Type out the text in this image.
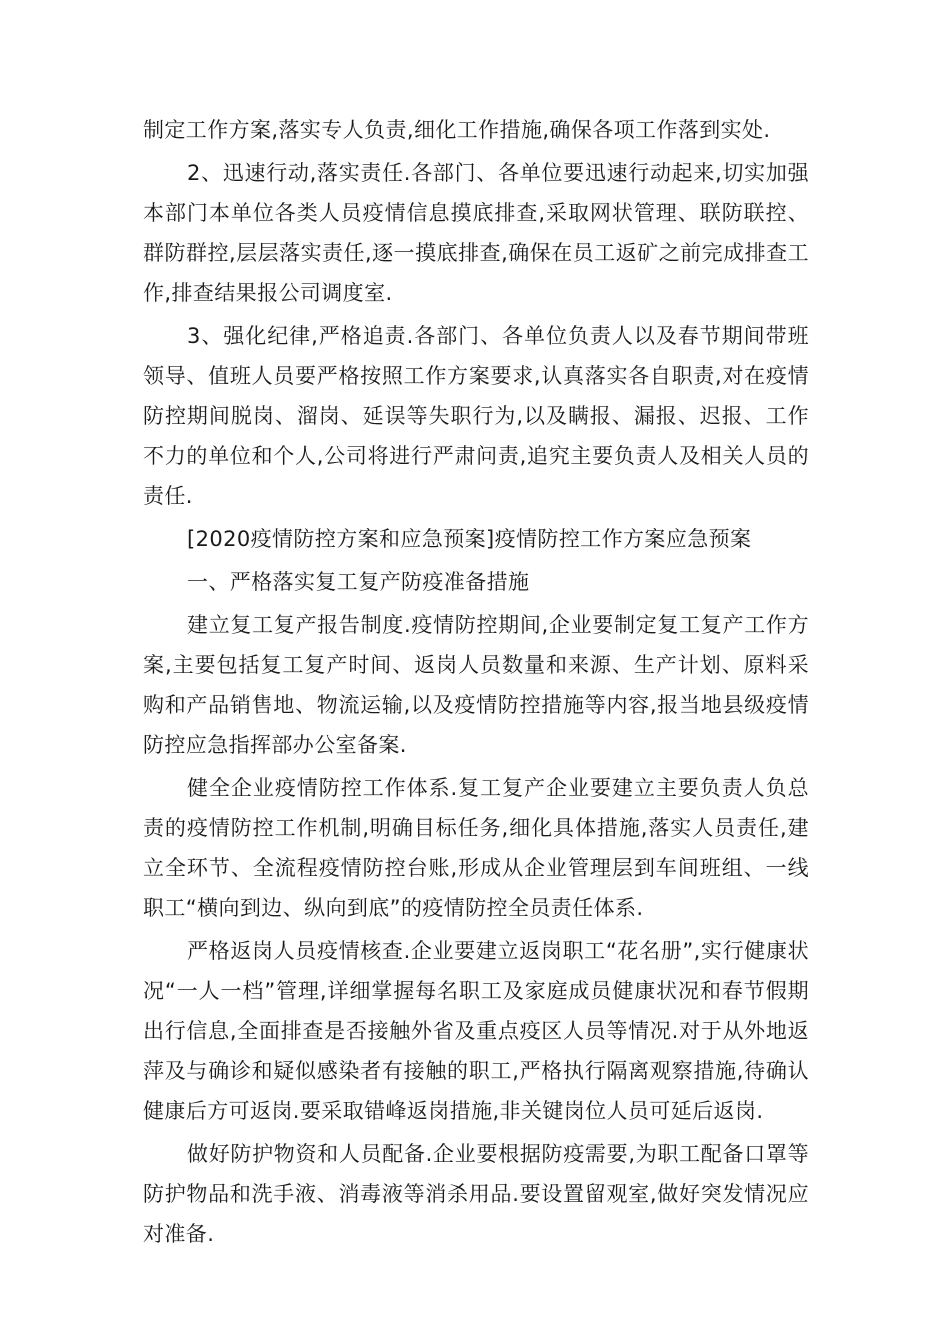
制定工作方案,落实专人负责,细化工作措施,确保各项工作落到实处.

2、迅速行动,落实责任.各部门、各单位要迅速行动起来,切实加强本部门本单位各类人员疫情信息摸底排查,采取网状管理、联防联控、群防群控,层层落实责任,逐一摸底排查,确保在员工返矿之前完成排查工作,排查结果报公司调度室.

3、强化纪律,严格追责.各部门、各单位负责人以及春节期间带班领导、值班人员要严格按照工作方案要求,认真落实各自职责,对在疫情防控期间脱岗、溜岗、延误等失职行为,以及瞒报、漏报、迟报、工作不力的单位和个人,公司将进行严肃问责,追究主要负责人及相关人员的责任.

[2020疫情防控方案和应急预案]疫情防控工作方案应急预案

一、严格落实复工复产防疫准备措施

建立复工复产报告制度.疫情防控期间,企业要制定复工复产工作方案,主要包括复工复产时间、返岗人员数量和来源、生产计划、原料采购和产品销售地、物流运输,以及疫情防控措施等内容,报当地县级疫情防控应急指挥部办公室备案.

健全企业疫情防控工作体系.复工复产企业要建立主要负责人负总责的疫情防控工作机制,明确目标任务,细化具体措施,落实人员责任,建立全环节、全流程疫情防控台账,形成从企业管理层到车间班组、一线职工“横向到边、纵向到底”的疫情防控全员责任体系.

严格返岗人员疫情核查.企业要建立返岗职工“花名册”,实行健康状况“一人一档”管理,详细掌握每名职工及家庭成员健康状况和春节假期出行信息,全面排查是否接触外省及重点疫区人员等情况.对于从外地返萍及与确诊和疑似感染者有接触的职工,严格执行隔离观察措施,待确认健康后方可返岗.要采取错峰返岗措施,非关键岗位人员可延后返岗.

做好防护物资和人员配备.企业要根据防疫需要,为职工配备口罩等防护物品和洗手液、消毒液等消杀用品.要设置留观室,做好突发情况应对准备.
